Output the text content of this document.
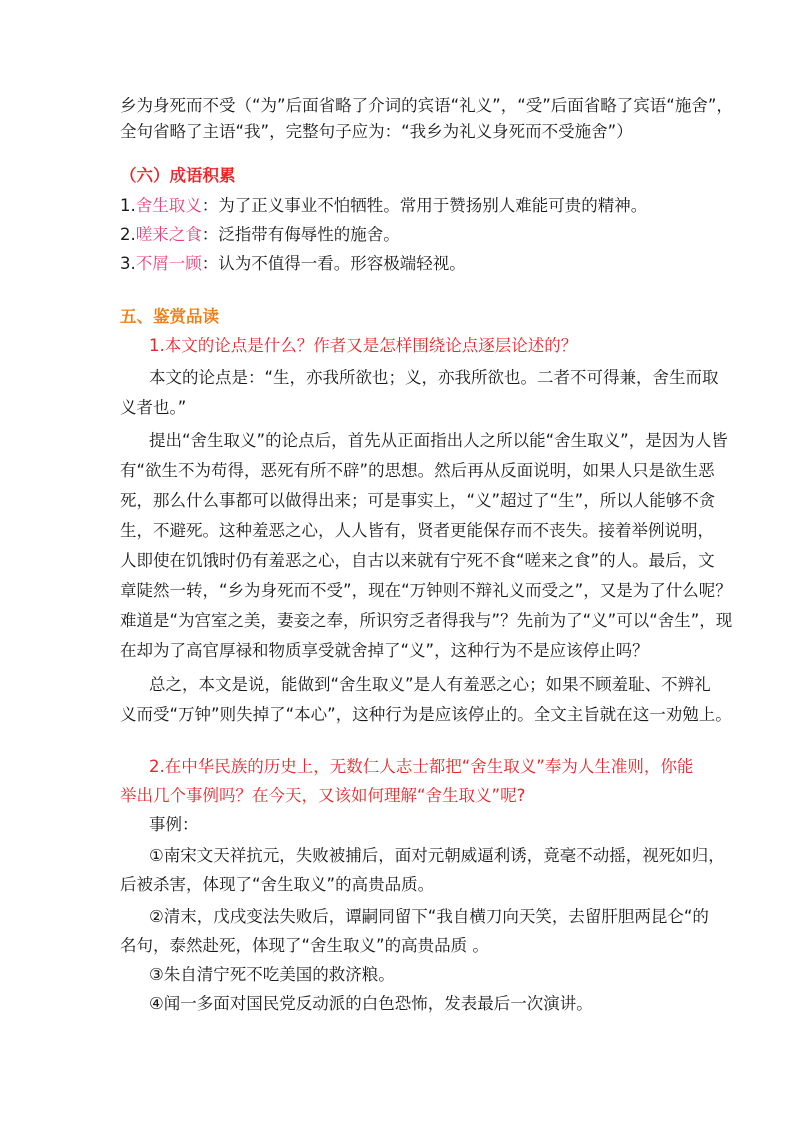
乡为身死而不受（“为”后面省略了介词的宾语“礼义”，“受”后面省略了宾语“施舍”，
全句省略了主语“我”，完整句子应为：“我乡为礼义身死而不受施舍”）
（六）成语积累
1.舍生取义：为了正义事业不怕牺牲。常用于赞扬别人难能可贵的精神。
2.嗟来之食：泛指带有侮辱性的施舍。
3.不屑一顾：认为不值得一看。形容极端轻视。
五、鉴赏品读
1.本文的论点是什么？作者又是怎样围绕论点逐层论述的？
本文的论点是：“生，亦我所欲也；义，亦我所欲也。二者不可得兼，舍生而取
义者也。”
提出“舍生取义”的论点后，首先从正面指出人之所以能“舍生取义”，是因为人皆
有“欲生不为苟得，恶死有所不辟”的思想。然后再从反面说明，如果人只是欲生恶
死，那么什么事都可以做得出来；可是事实上，“义”超过了“生”，所以人能够不贪
生，不避死。这种羞恶之心，人人皆有，贤者更能保存而不丧失。接着举例说明，
人即使在饥饿时仍有羞恶之心，自古以来就有宁死不食“嗟来之食”的人。最后，文
章陡然一转，“乡为身死而不受”，现在“万钟则不辩礼义而受之”，又是为了什么呢？
难道是“为宫室之美，妻妾之奉，所识穷乏者得我与”？先前为了“义”可以“舍生”，现
在却为了高官厚禄和物质享受就舍掉了“义”，这种行为不是应该停止吗？
总之，本文是说，能做到“舍生取义”是人有羞恶之心；如果不顾羞耻、不辨礼
义而受“万钟”则失掉了“本心”，这种行为是应该停止的。全文主旨就在这一劝勉上。
2.在中华民族的历史上，无数仁人志士都把“舍生取义”奉为人生准则，你能
举出几个事例吗？在今天，又该如何理解“舍生取义”呢?
事例：
①南宋文天祥抗元，失败被捕后，面对元朝威逼利诱，竟毫不动摇，视死如归，
后被杀害，体现了“舍生取义”的高贵品质。
②清末，戊戌变法失败后，谭嗣同留下“我自横刀向天笑，去留肝胆两昆仑“的
名句，泰然赴死，体现了“舍生取义”的高贵品质 。
③朱自清宁死不吃美国的救济粮。
④闻一多面对国民党反动派的白色恐怖，发表最后一次演讲。
